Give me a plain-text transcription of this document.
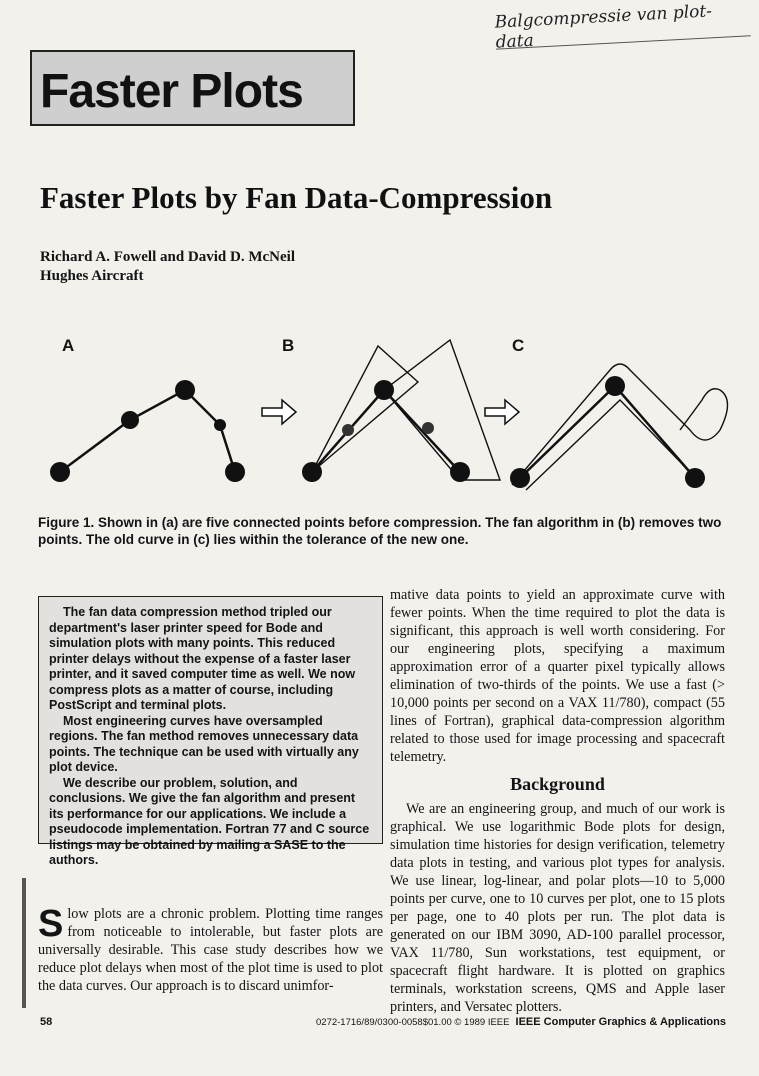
Balgcompressie van plot-data
Faster Plots
Faster Plots by Fan Data-Compression
Richard A. Fowell and David D. McNeil
Hughes Aircraft
A	B	C
Figure 1. Shown in (a) are five connected points before compression. The fan algorithm in (b) removes two points. The old curve in (c) lies within the tolerance of the new one.

The fan data compression method tripled our department's laser printer speed for Bode and simulation plots with many points. This reduced printer delays without the expense of a faster laser printer, and it saved computer time as well. We now compress plots as a matter of course, including PostScript and terminal plots.

Most engineering curves have oversampled regions. The fan method removes unnecessary data points. The technique can be used with virtually any plot device.

We describe our problem, solution, and conclusions. We give the fan algorithm and present its performance for our applications. We include a pseudocode implementation. Fortran 77 and C source listings may be obtained by mailing a SASE to the authors.

mative data points to yield an approximate curve with fewer points. When the time required to plot the data is significant, this approach is well worth considering. For our engineering plots, specifying a maximum approximation error of a quarter pixel typically allows elimination of two-thirds of the points. We use a fast (> 10,000 points per second on a VAX 11/780), compact (55 lines of Fortran), graphical data-compression algorithm related to those used for image processing and spacecraft telemetry.

Background

We are an engineering group, and much of our work is graphical. We use logarithmic Bode plots for design, simulation time histories for design verification, telemetry data plots in testing, and various plot types for analysis. We use linear, log-linear, and polar plots—10 to 5,000 points per curve, one to 10 curves per plot, one to 15 plots per page, one to 40 plots per run. The plot data is generated on our IBM 3090, AD-100 parallel processor, VAX 11/780, Sun workstations, test equipment, or spacecraft flight hardware. It is plotted on graphics terminals, workstation screens, QMS and Apple laser printers, and Versatec plotters.

Slow plots are a chronic problem. Plotting time ranges from noticeable to intolerable, but faster plots are universally desirable. This case study describes how we reduce plot delays when most of the plot time is used to plot the data curves. Our approach is to discard unimfor-
58	0272-1716/89/0300-0058$01.00 © 1989 IEEE IEEE Computer Graphics & Applications
